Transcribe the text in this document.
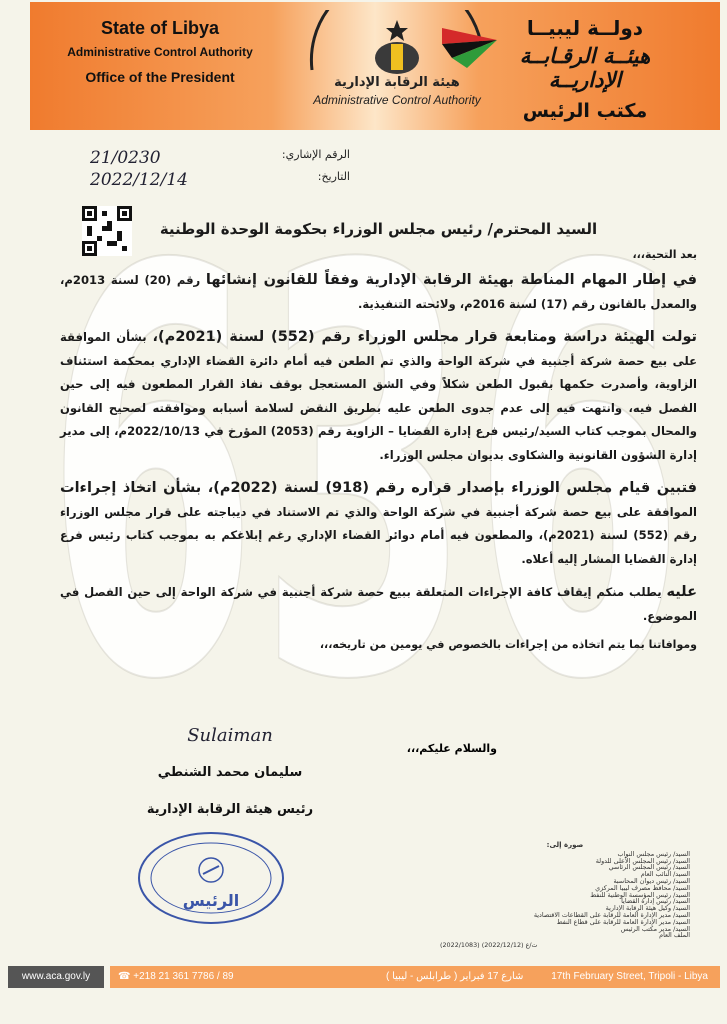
State of Libya
Administrative Control Authority
Office of the President	هيئة الرقابة الإدارية
Administrative Control Authority
دولــة ليبيــا
هيئــة الرقـابــة الإداريــة
مكتب الرئيس
21/0230	الرقم الإشاري:
2022/12/14	التاريخ:
636
السيد المحترم/ رئيس مجلس الوزراء بحكومة الوحدة الوطنية
بعد التحية،،،
في إطار المهام المناطة بهيئة الرقابة الإدارية وفقاً للقانون إنشائها رقم (20) لسنة 2013م، والمعدل بالقانون رقم (17) لسنة 2016م، ولائحته التنفيذية.
تولت الهيئة دراسة ومتابعة قرار مجلس الوزراء رقم (552) لسنة (2021م)، بشأن الموافقة على بيع حصة شركة أجنبية في شركة الواحة والذي تم الطعن فيه أمام دائرة القضاء الإداري بمحكمة استئناف الزاوية، وأصدرت حكمها بقبول الطعن شكلاً وفي الشق المستعجل بوقف نفاذ القرار المطعون فيه إلى حين الفصل فيه، وانتهت فيه إلى عدم جدوى الطعن عليه بطريق النقض لسلامة أسبابه وموافقته لصحيح القانون والمحال بموجب كتاب السيد/رئيس فرع إدارة القضايا – الزاوية رقم (2053) المؤرخ في 2022/10/13م، إلى مدير إدارة الشؤون القانونية والشكاوى بديوان مجلس الوزراء.
فتبين قيام مجلس الوزراء بإصدار قراره رقم (918) لسنة (2022م)، بشأن اتخاذ إجراءات الموافقة على بيع حصة شركة أجنبية في شركة الواحة والذي تم الاستناد في ديباجته على قرار مجلس الوزراء رقم (552) لسنة (2021م)، والمطعون فيه أمام دوائر القضاء الإداري رغم إبلاغكم به بموجب كتاب رئيس فرع إدارة القضايا المشار إليه أعلاه.
عليه يطلب منكم إيقاف كافة الإجراءات المتعلقة ببيع حصة شركة أجنبية في شركة الواحة إلى حين الفصل في الموضوع.
وموافاتنا بما يتم اتخاذه من إجراءات بالخصوص في يومين من تاريخه،،،
والسلام عليكم،،،
Sulaiman
سليمان محمد الشنطي
رئيس هيئة الرقابة الإدارية
الرئيس
صورة إلى:
السيد/ رئيس مجلس النواب
السيد/ رئيس المجلس الأعلى للدولة
السيد/ رئيس المجلس الرئاسي
السيد/ النائب العام
السيد/ رئيس ديوان المحاسبة
السيد/ محافظ مصرف ليبيا المركزي
السيد/ رئيس المؤسسة الوطنية للنفط
السيد/ رئيس إدارة القضايا
السيد/ وكيل هيئة الرقابة الإدارية
السيد/ مدير الإدارة العامة للرقابة على القطاعات الاقتصادية
السيد/ مدير الإدارة العامة للرقابة على قطاع النفط
السيد/ مدير مكتب الرئيس
الملف العام
(2022/1083) (2022/12/12) ت/ع
www.aca.gov.ly	☎ +218 21 361 7786 / 89	شارع 17 فبراير ( طرابلس - ليبيا )	17th February Street, Tripoli - Libya
